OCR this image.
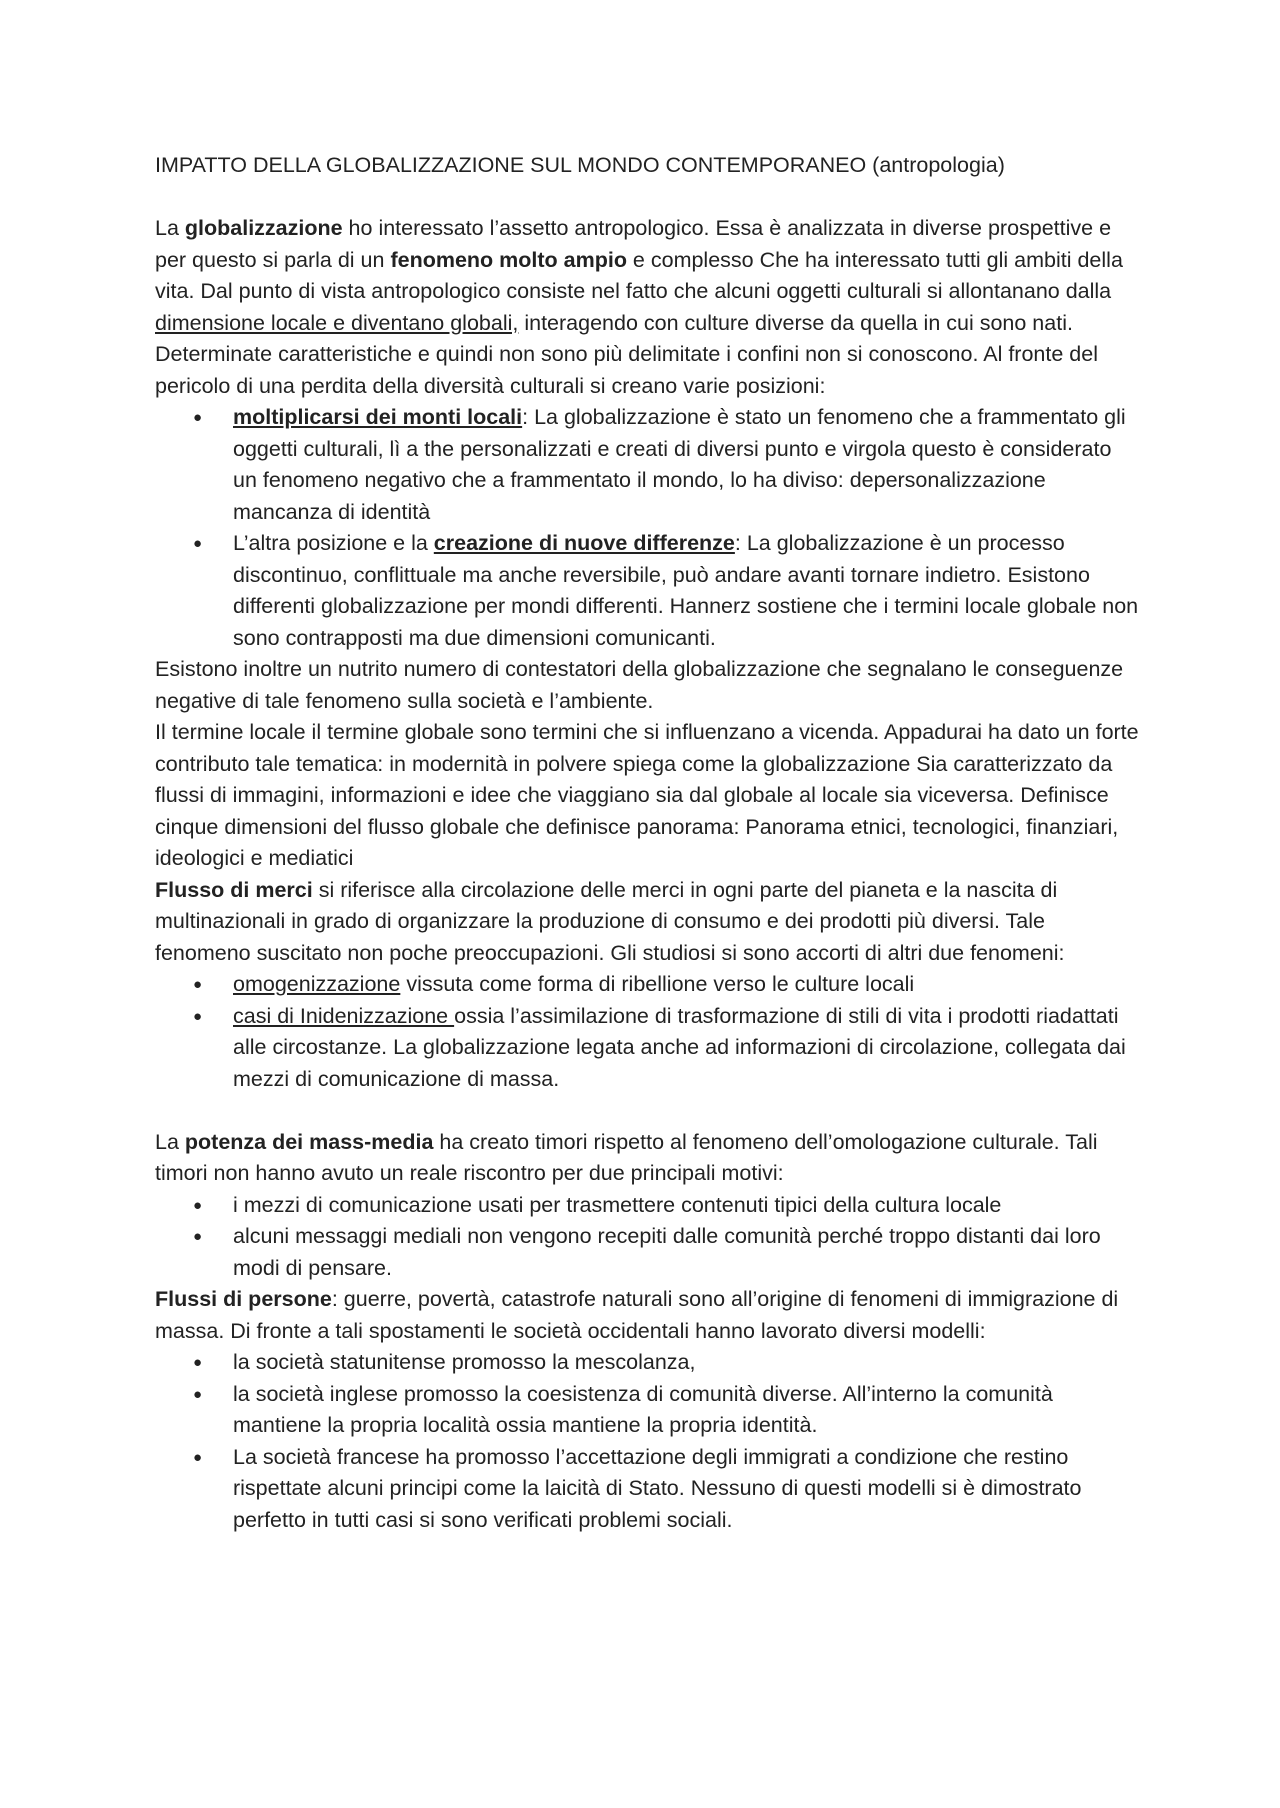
IMPATTO DELLA GLOBALIZZAZIONE SUL MONDO CONTEMPORANEO (antropologia)

La globalizzazione ho interessato l’assetto antropologico. Essa è analizzata in diverse prospettive e per questo si parla di un fenomeno molto ampio e complesso Che ha interessato tutti gli ambiti della vita. Dal punto di vista antropologico consiste nel fatto che alcuni oggetti culturali si allontanano dalla dimensione locale e diventano globali, interagendo con culture diverse da quella in cui sono nati. Determinate caratteristiche e quindi non sono più delimitate i confini non si conoscono. Al fronte del pericolo di una perdita della diversità culturali si creano varie posizioni:

● moltiplicarsi dei monti locali: La globalizzazione è stato un fenomeno che a frammentato gli oggetti culturali, lì a the personalizzati e creati di diversi punto e virgola questo è considerato un fenomeno negativo che a frammentato il mondo, lo ha diviso: depersonalizzazione mancanza di identità
● L’altra posizione e la creazione di nuove differenze: La globalizzazione è un processo discontinuo, conflittuale ma anche reversibile, può andare avanti tornare indietro. Esistono differenti globalizzazione per mondi differenti. Hannerz sostiene che i termini locale globale non sono contrapposti ma due dimensioni comunicanti.

Esistono inoltre un nutrito numero di contestatori della globalizzazione che segnalano le conseguenze negative di tale fenomeno sulla società e l’ambiente.

Il termine locale il termine globale sono termini che si influenzano a vicenda. Appadurai ha dato un forte contributo tale tematica: in modernità in polvere spiega come la globalizzazione Sia caratterizzato da flussi di immagini, informazioni e idee che viaggiano sia dal globale al locale sia viceversa. Definisce cinque dimensioni del flusso globale che definisce panorama: Panorama etnici, tecnologici, finanziari, ideologici e mediatici

Flusso di merci si riferisce alla circolazione delle merci in ogni parte del pianeta e la nascita di multinazionali in grado di organizzare la produzione di consumo e dei prodotti più diversi. Tale fenomeno suscitato non poche preoccupazioni. Gli studiosi si sono accorti di altri due fenomeni:

● omogenizzazione vissuta come forma di ribellione verso le culture locali
● casi di Inidenizzazione ossia l’assimilazione di trasformazione di stili di vita i prodotti riadattati alle circostanze. La globalizzazione legata anche ad informazioni di circolazione, collegata dai mezzi di comunicazione di massa.

La potenza dei mass-media ha creato timori rispetto al fenomeno dell’omologazione culturale. Tali timori non hanno avuto un reale riscontro per due principali motivi:

● i mezzi di comunicazione usati per trasmettere contenuti tipici della cultura locale
● alcuni messaggi mediali non vengono recepiti dalle comunità perché troppo distanti dai loro modi di pensare.

Flussi di persone: guerre, povertà, catastrofe naturali sono all’origine di fenomeni di immigrazione di massa. Di fronte a tali spostamenti le società occidentali hanno lavorato diversi modelli:

● la società statunitense promosso la mescolanza,
● la società inglese promosso la coesistenza di comunità diverse. All’interno la comunità mantiene la propria località ossia mantiene la propria identità.
● La società francese ha promosso l’accettazione degli immigrati a condizione che restino rispettate alcuni principi come la laicità di Stato. Nessuno di questi modelli si è dimostrato perfetto in tutti casi si sono verificati problemi sociali.
